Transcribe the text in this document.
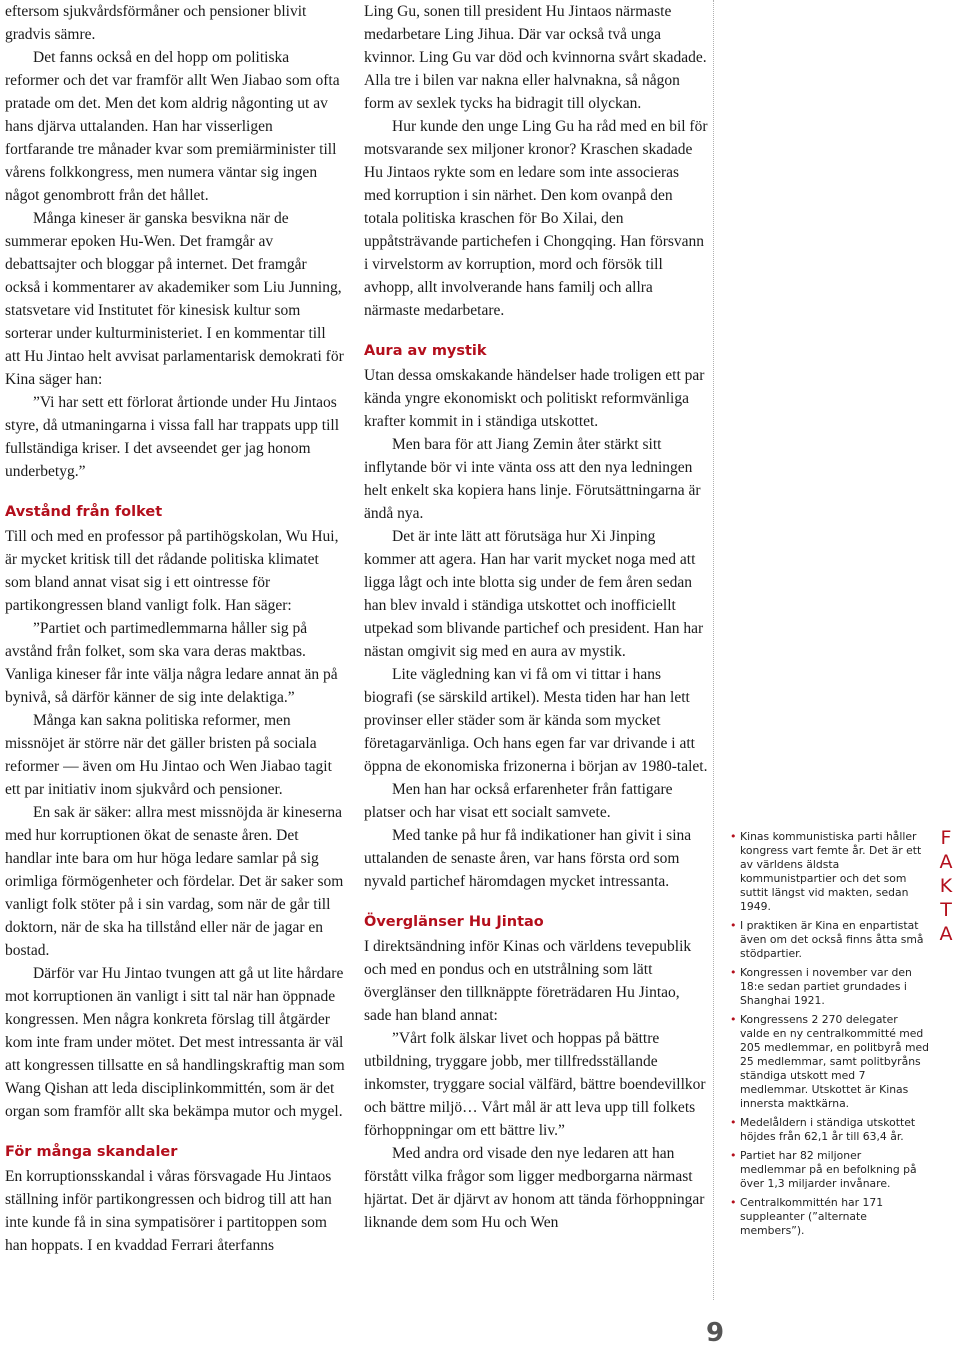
eftersom sjukvårdsförmåner och pensioner blivit gradvis sämre.

Det fanns också en del hopp om politiska reformer och det var framför allt Wen Jiabao som ofta pratade om det. Men det kom aldrig någonting ut av hans djärva uttalanden. Han har visserligen fortfarande tre månader kvar som premiärminister till vårens folkkongress, men numera väntar sig ingen något genombrott från det hållet.

Många kineser är ganska besvikna när de summerar epoken Hu-Wen. Det framgår av debattsajter och bloggar på internet. Det framgår också i kommentarer av akademiker som Liu Junning, statsvetare vid Institutet för kinesisk kultur som sorterar under kulturministeriet. I en kommentar till att Hu Jintao helt avvisat parlamentarisk demokrati för Kina säger han:

”Vi har sett ett förlorat årtionde under Hu Jintaos styre, då utmaningarna i vissa fall har trappats upp till fullständiga kriser. I det avseendet ger jag honom underbetyg.”

Avstånd från folket

Till och med en professor på partihögskolan, Wu Hui, är mycket kritisk till det rådande politiska klimatet som bland annat visat sig i ett ointresse för partikongressen bland vanligt folk. Han säger:

”Partiet och partimedlemmarna håller sig på avstånd från folket, som ska vara deras maktbas. Vanliga kineser får inte välja några ledare annat än på bynivå, så därför känner de sig inte delaktiga.”

Många kan sakna politiska reformer, men missnöjet är större när det gäller bristen på sociala reformer — även om Hu Jintao och Wen Jiabao tagit ett par initiativ inom sjukvård och pensioner.

En sak är säker: allra mest missnöjda är kineserna med hur korruptionen ökat de senaste åren. Det handlar inte bara om hur höga ledare samlar på sig orimliga förmögenheter och fördelar. Det är saker som vanligt folk stöter på i sin vardag, som när de går till doktorn, när de ska ha tillstånd eller när de jagar en bostad.

Därför var Hu Jintao tvungen att gå ut lite hårdare mot korruptionen än vanligt i sitt tal när han öppnade kongressen. Men några konkreta förslag till åtgärder kom inte fram under mötet. Det mest intressanta är väl att kongressen tillsatte en så handlingskraftig man som Wang Qishan att leda disciplinkommittén, som är det organ som framför allt ska bekämpa mutor och mygel.

För många skandaler

En korruptionsskandal i våras försvagade Hu Jintaos ställning inför partikongressen och bidrog till att han inte kunde få in sina sympatisörer i partitoppen som han hoppats. I en kvaddad Ferrari återfanns

Ling Gu, sonen till president Hu Jintaos närmaste medarbetare Ling Jihua. Där var också två unga kvinnor. Ling Gu var död och kvinnorna svårt skadade. Alla tre i bilen var nakna eller halvnakna, så någon form av sexlek tycks ha bidragit till olyckan.

Hur kunde den unge Ling Gu ha råd med en bil för motsvarande sex miljoner kronor? Kraschen skadade Hu Jintaos rykte som en ledare som inte associeras med korruption i sin närhet. Den kom ovanpå den totala politiska kraschen för Bo Xilai, den uppåtsträvande partichefen i Chongqing. Han försvann i virvelstorm av korruption, mord och försök till avhopp, allt involverande hans familj och allra närmaste medarbetare.

Aura av mystik

Utan dessa omskakande händelser hade troligen ett par kända yngre ekonomiskt och politiskt reformvänliga krafter kommit in i ständiga utskottet.

Men bara för att Jiang Zemin åter stärkt sitt inflytande bör vi inte vänta oss att den nya ledningen helt enkelt ska kopiera hans linje. Förutsättningarna är ändå nya.

Det är inte lätt att förutsäga hur Xi Jinping kommer att agera. Han har varit mycket noga med att ligga lågt och inte blotta sig under de fem åren sedan han blev invald i ständiga utskottet och inofficiellt utpekad som blivande partichef och president. Han har nästan omgivit sig med en aura av mystik.

Lite vägledning kan vi få om vi tittar i hans biografi (se särskild artikel). Mesta tiden har han lett provinser eller städer som är kända som mycket företagarvänliga. Och hans egen far var drivande i att öppna de ekonomiska frizonerna i början av 1980-talet.

Men han har också erfarenheter från fattigare platser och har visat ett socialt samvete.

Med tanke på hur få indikationer han givit i sina uttalanden de senaste åren, var hans första ord som nyvald partichef häromdagen mycket intressanta.

Överglänser Hu Jintao

I direktsändning inför Kinas och världens tevepublik och med en pondus och en utstrålning som lätt överglänser den tillknäppte företrädaren Hu Jintao, sade han bland annat:

”Vårt folk älskar livet och hoppas på bättre utbildning, tryggare jobb, mer tillfredsställande inkomster, tryggare social välfärd, bättre boendevillkor och bättre miljö… Vårt mål är att leva upp till folkets förhoppningar om ett bättre liv.”

Med andra ord visade den nye ledaren att han förstått vilka frågor som ligger medborgarna närmast hjärtat. Det är djärvt av honom att tända förhoppningar liknande dem som Hu och Wen

• Kinas kommunistiska parti håller kongress vart femte år. Det är ett av världens äldsta kommunistpartier och det som suttit längst vid makten, sedan 1949.
• I praktiken är Kina en enpartistat även om det också finns åtta små stödpartier.
• Kongressen i november var den 18:e sedan partiet grundades i Shanghai 1921.
• Kongressens 2 270 delegater valde en ny centralkommitté med 205 medlemmar, en politbyrå med 25 medlemmar, samt politbyråns ständiga utskott med 7 medlemmar. Utskottet är Kinas innersta maktkärna.
• Medelåldern i ständiga utskottet höjdes från 62,1 år till 63,4 år.
• Partiet har 82 miljoner medlemmar på en befolkning på över 1,3 miljarder invånare.
• Centralkommittén har 171 suppleanter (”alternate members”).
F
A
K
T
A
9
